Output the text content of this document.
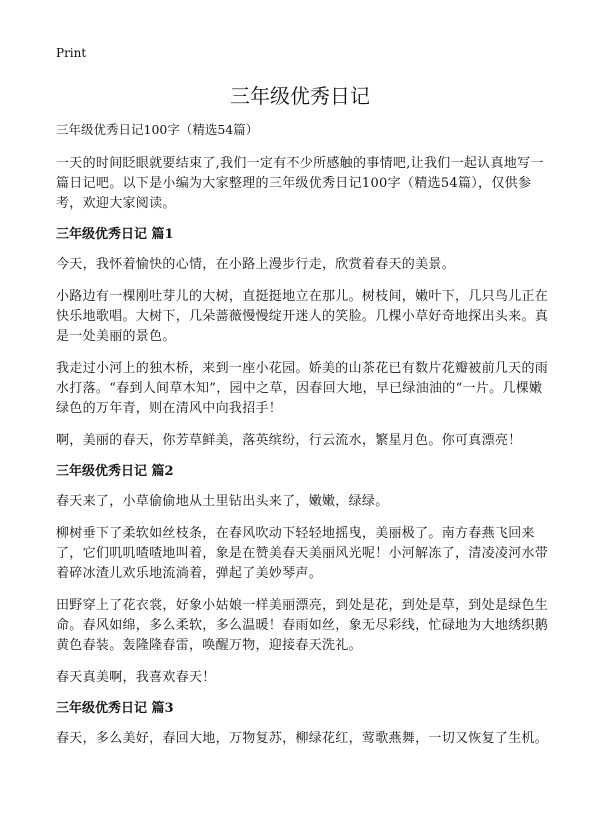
Print
三年级优秀日记

三年级优秀日记100字（精选54篇）

一天的时间眨眼就要结束了,我们一定有不少所感触的事情吧,让我们一起认真地写一篇日记吧。以下是小编为大家整理的三年级优秀日记100字（精选54篇），仅供参考，欢迎大家阅读。

三年级优秀日记 篇1

今天，我怀着愉快的心情，在小路上漫步行走，欣赏着春天的美景。

小路边有一棵刚吐芽儿的大树，直挺挺地立在那儿。树枝间，嫩叶下，几只鸟儿正在快乐地歌唱。大树下，几朵蔷薇慢慢绽开迷人的笑脸。几棵小草好奇地探出头来。真是一处美丽的景色。

我走过小河上的独木桥，来到一座小花园。娇美的山茶花已有数片花瓣被前几天的雨水打落。“春到人间草木知”，园中之草，因春回大地，早已绿油油的“一片。几棵嫩绿色的万年青，则在清风中向我招手！

啊，美丽的春天，你芳草鲜美，落英缤纷，行云流水，繁星月色。你可真漂亮！

三年级优秀日记 篇2

春天来了，小草偷偷地从土里钻出头来了，嫩嫩，绿绿。

柳树垂下了柔软如丝枝条，在春风吹动下轻轻地摇曳，美丽极了。南方春燕飞回来了，它们叽叽喳喳地叫着，象是在赞美春天美丽风光呢！小河解冻了，清凌凌河水带着碎冰渣儿欢乐地流淌着，弹起了美妙琴声。

田野穿上了花衣裳，好象小姑娘一样美丽漂亮，到处是花，到处是草，到处是绿色生命。春风如绵，多么柔软，多么温暖！春雨如丝，象无尽彩线，忙碌地为大地绣织鹅黄色春装。轰隆隆春雷，唤醒万物，迎接春天洗礼。

春天真美啊，我喜欢春天！

三年级优秀日记 篇3

春天，多么美好，春回大地，万物复苏，柳绿花红，莺歌燕舞，一切又恢复了生机。
